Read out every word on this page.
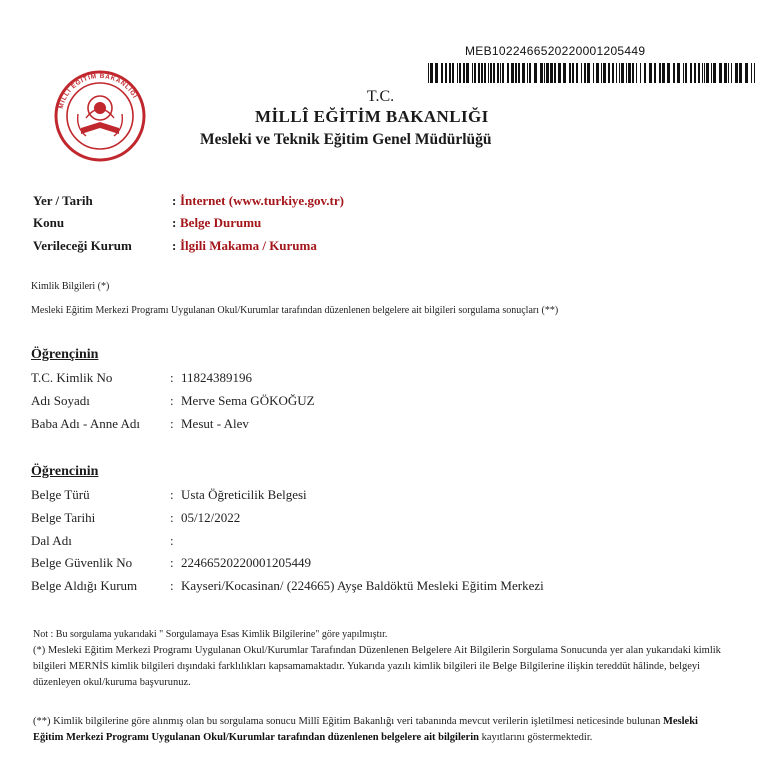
MEB10224665202200012054​49
MİLLÎ EĞİTİM BAKANLIĞI	T.C.
MİLLÎ EĞİTİM BAKANLIĞI
Mesleki ve Teknik Eğitim Genel Müdürlüğü
Yer / Tarih	: İnternet (www.turkiye.gov.tr)
Konu	: Belge Durumu
Verileceği Kurum	: İlgili Makama / Kuruma
Kimlik Bilgileri (*)
Mesleki Eğitim Merkezi Programı Uygulanan Okul/Kurumlar tarafından düzenlenen belgelere ait bilgileri sorgulama sonuçları (**)
Öğrençinin
T.C. Kimlik No	: 11824389196
Adı Soyadı	: Merve Sema GÖKOĞUZ
Baba Adı - Anne Adı : Mesut - Alev
Öğrencinin
Belge Türü	: Usta Öğreticilik Belgesi
Belge Tarihi	: 05/12/2022
Dal Adı	:
Belge Güvenlik No	: 22466520220001205449
Belge Aldığı Kurum	: Kayseri/Kocasinan/ (224665) Ayşe Baldöktü Mesleki Eğitim Merkezi
Not : Bu sorgulama yukarıdaki " Sorgulamaya Esas Kimlik Bilgilerine" göre yapılmıştır.
(*) Mesleki Eğitim Merkezi Programı Uygulanan Okul/Kurumlar Tarafından Düzenlenen Belgelere Ait Bilgilerin Sorgulama Sonucunda yer alan yukarıdaki kimlik bilgileri MERNİS kimlik bilgileri dışındaki farklılıkları kapsamamaktadır. Yukarıda yazılı kimlik bilgileri ile Belge Bilgilerine ilişkin tereddüt hâlinde, belgeyi düzenleyen okul/kuruma başvurunuz.
(**) Kimlik bilgilerine göre alınmış olan bu sorgulama sonucu Millî Eğitim Bakanlığı veri tabanında mevcut verilerin işletilmesi neticesinde bulunan Mesleki Eğitim Merkezi Programı Uygulanan Okul/Kurumlar tarafından düzenlenen belgelere ait bilgilerin kayıtlarını göstermektedir.
